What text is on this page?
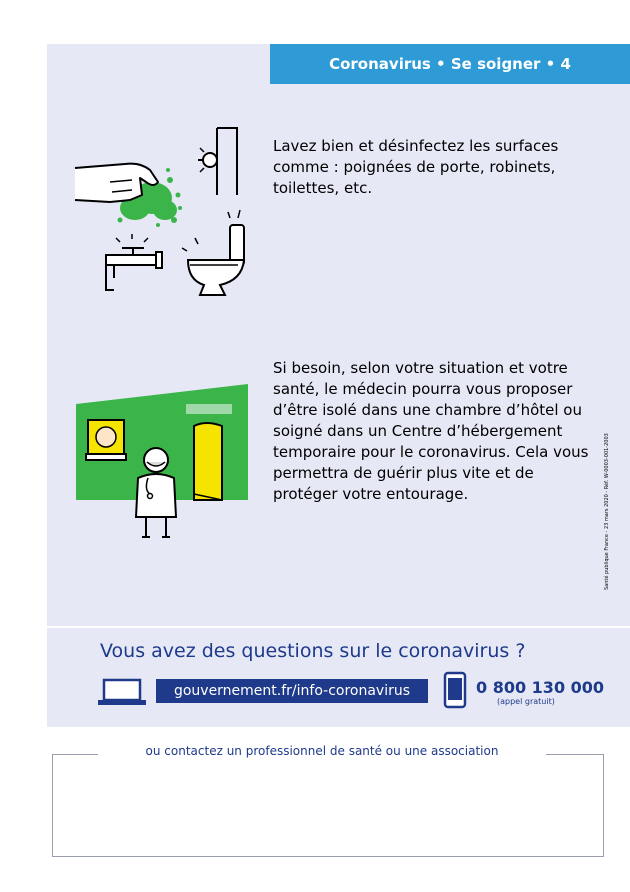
Coronavirus • Se soigner • 4
Lavez bien et désinfectez les surfaces comme : poignées de porte, robinets, toilettes, etc.
Si besoin, selon votre situation et votre santé, le médecin pourra vous proposer d’être isolé dans une chambre d’hôtel ou soigné dans un Centre d’hébergement temporaire pour le coronavirus. Cela vous permettra de guérir plus vite et de protéger votre entourage.	Santé publique France - 23 mars 2020 - Réf. W-0003-001-2003
Vous avez des questions sur le coronavirus ?
gouvernement.fr/info-coronavirus	0 800 130 000
(appel gratuit)
ou contactez un professionnel de santé ou une association
